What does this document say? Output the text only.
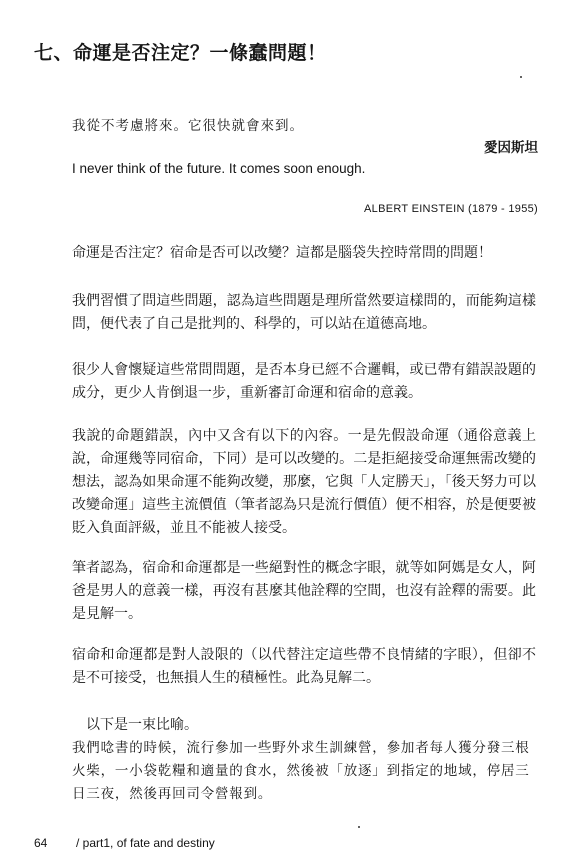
七、命運是否注定？一條蠢問題！
我從不考慮將來。它很快就會來到。
愛因斯坦
I never think of the future. It comes soon enough.
ALBERT EINSTEIN (1879 - 1955)
命運是否注定？宿命是否可以改變？這都是腦袋失控時常問的問題！
我們習慣了問這些問題，認為這些問題是理所當然要這樣問的，而能夠這樣問，便代表了自己是批判的、科學的，可以站在道德高地。
很少人會懷疑這些常問問題，是否本身已經不合邏輯，或已帶有錯誤設題的成分，更少人肯倒退一步，重新審訂命運和宿命的意義。
我說的命題錯誤，內中又含有以下的內容。一是先假設命運（通俗意義上說，命運幾等同宿命，下同）是可以改變的。二是拒絕接受命運無需改變的想法，認為如果命運不能夠改變，那麼，它與「人定勝天」，「後天努力可以改變命運」這些主流價值（筆者認為只是流行價值）便不相容，於是便要被貶入負面評級，並且不能被人接受。
筆者認為，宿命和命運都是一些絕對性的概念字眼，就等如阿媽是女人，阿爸是男人的意義一樣，再沒有甚麼其他詮釋的空間，也沒有詮釋的需要。此是見解一。
宿命和命運都是對人設限的（以代替注定這些帶不良情緒的字眼），但卻不是不可接受，也無損人生的積極性。此為見解二。
以下是一束比喻。
我們唸書的時候，流行參加一些野外求生訓練營，參加者每人獲分發三根火柴，一小袋乾糧和適量的食水，然後被「放逐」到指定的地域，停居三日三夜，然後再回司令營報到。
64 / part1, of fate and destiny
